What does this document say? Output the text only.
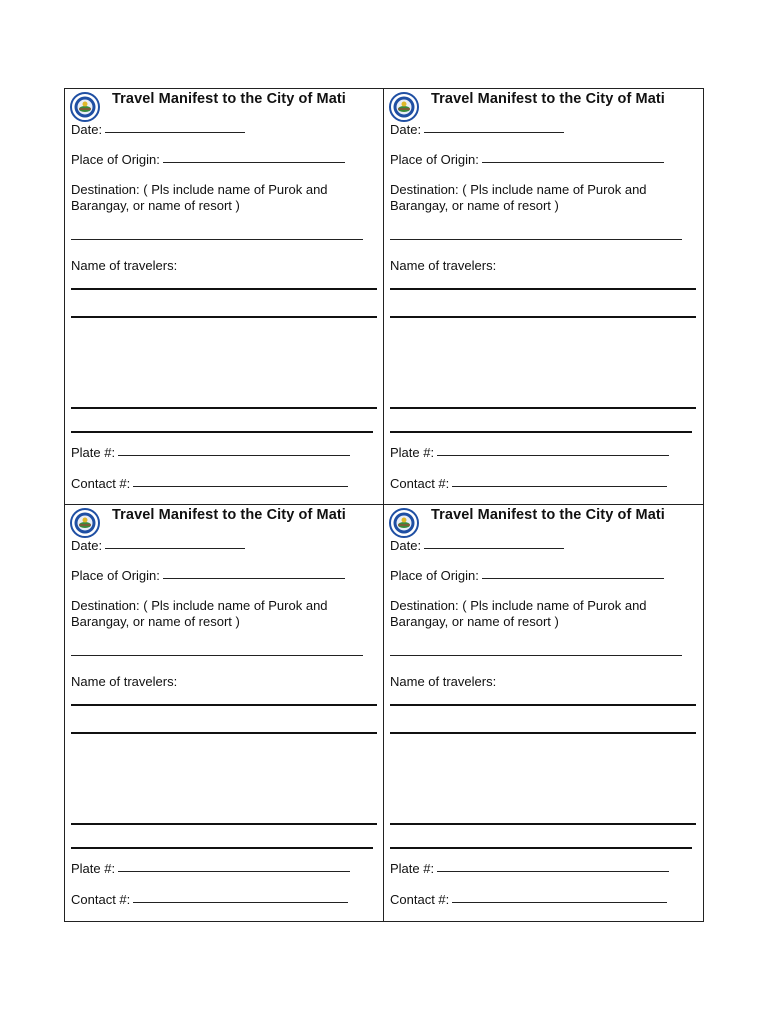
Travel Manifest to the City of Mati
Date:
Place of Origin:
Destination: ( Pls include name of Purok and
Barangay, or name of resort )
Name of travelers:
Plate #:
Contact #:
Travel Manifest to the City of Mati
Date:
Place of Origin:
Destination: ( Pls include name of Purok and
Barangay, or name of resort )
Name of travelers:
Plate #:
Contact #:
Travel Manifest to the City of Mati
Date:
Place of Origin:
Destination: ( Pls include name of Purok and
Barangay, or name of resort )
Name of travelers:
Plate #:
Contact #:
Travel Manifest to the City of Mati
Date:
Place of Origin:
Destination: ( Pls include name of Purok and
Barangay, or name of resort )
Name of travelers:
Plate #:
Contact #:
